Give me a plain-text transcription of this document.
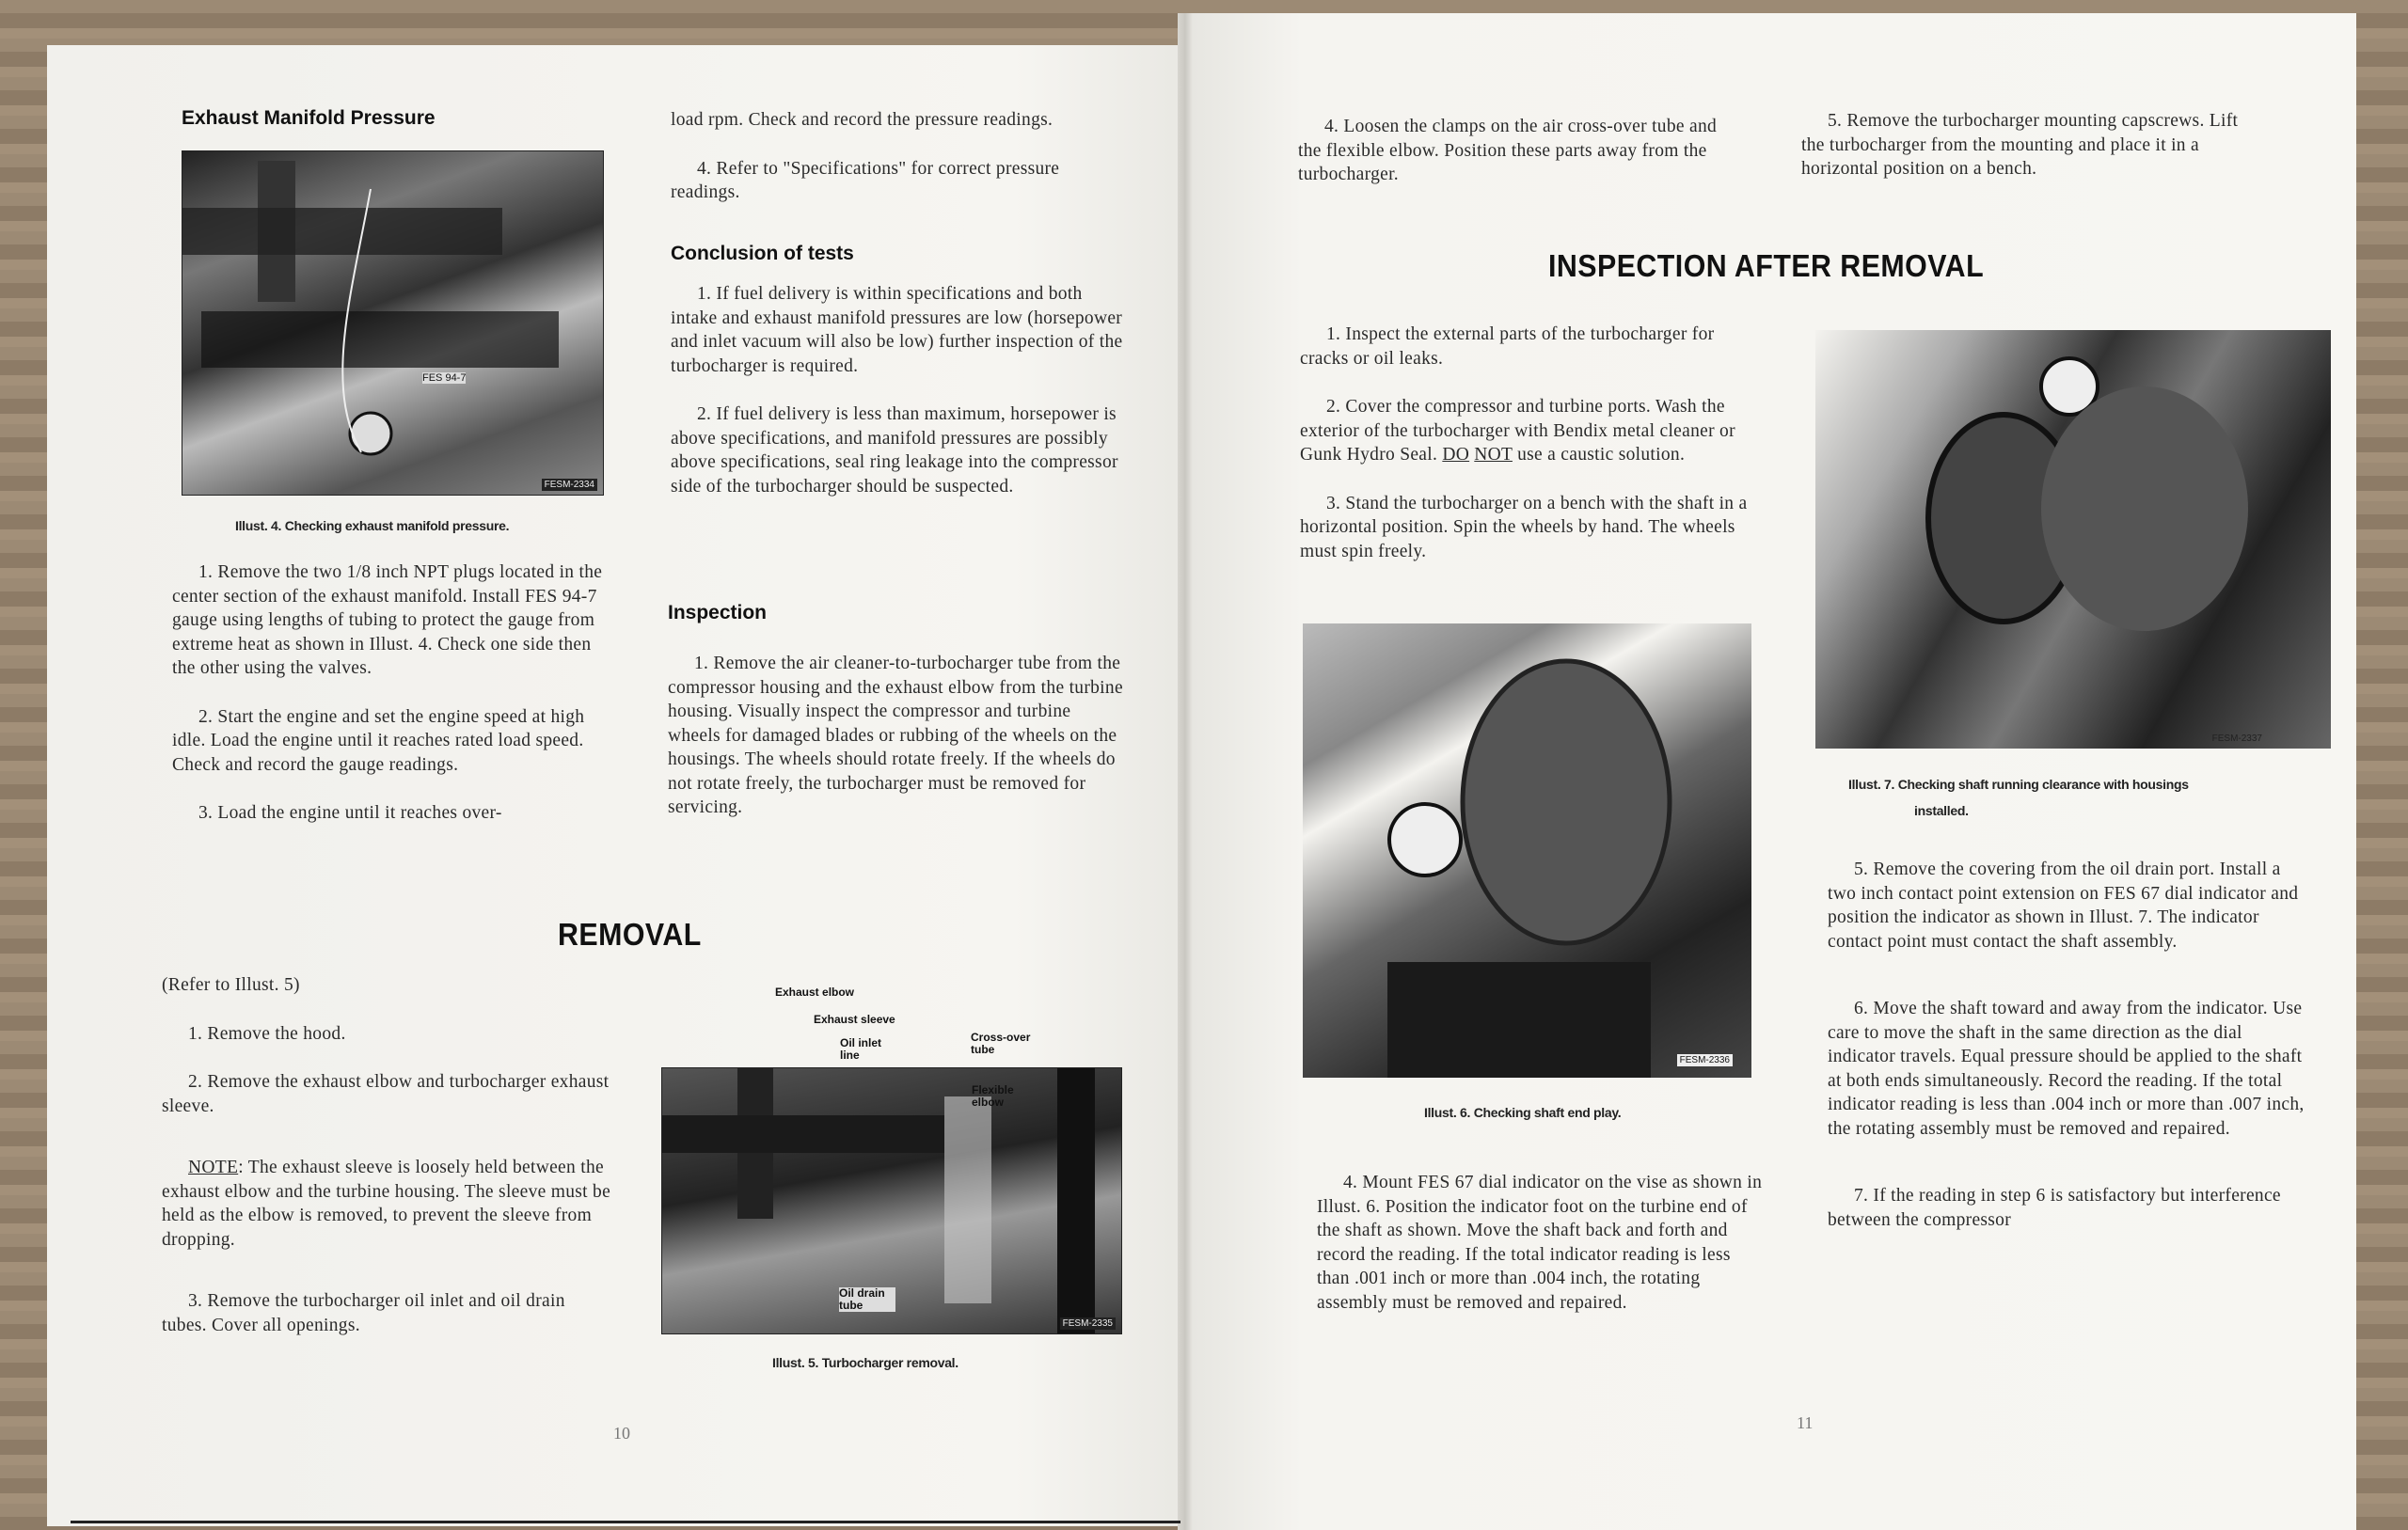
Exhaust Manifold Pressure
FES 94-7
FESM-2334
Illust. 4. Checking exhaust manifold pressure.

1. Remove the two 1/8 inch NPT plugs located in the center section of the exhaust manifold. Install FES 94-7 gauge using lengths of tubing to protect the gauge from extreme heat as shown in Illust. 4. Check one side then the other using the valves.

2. Start the engine and set the engine speed at high idle. Load the engine until it reaches rated load speed. Check and record the gauge readings.

3. Load the engine until it reaches over-

load rpm. Check and record the pressure readings.

4. Refer to "Specifications" for correct pressure readings.

Conclusion of tests

1. If fuel delivery is within specifications and both intake and exhaust manifold pressures are low (horsepower and inlet vacuum will also be low) further inspection of the turbocharger is required.

2. If fuel delivery is less than maximum, horsepower is above specifications, and manifold pressures are possibly above specifications, seal ring leakage into the compressor side of the turbocharger should be suspected.

Inspection

1. Remove the air cleaner-to-turbocharger tube from the compressor housing and the exhaust elbow from the turbine housing. Visually inspect the compressor and turbine wheels for damaged blades or rubbing of the wheels on the housings. The wheels should rotate freely. If the wheels do not rotate freely, the turbocharger must be removed for servicing.

REMOVAL

(Refer to Illust. 5)

1. Remove the hood.

2. Remove the exhaust elbow and turbocharger exhaust sleeve.

NOTE: The exhaust sleeve is loosely held between the exhaust elbow and the turbine housing. The sleeve must be held as the elbow is removed, to prevent the sleeve from dropping.

3. Remove the turbocharger oil inlet and oil drain tubes. Cover all openings.	FESM-2335
Exhaust elbow
Exhaust sleeve
Oil inlet line
Cross-over tube
Flexible elbow
Oil drain tube
Illust. 5. Turbocharger removal.
10

4. Loosen the clamps on the air cross-over tube and the flexible elbow. Position these parts away from the turbocharger.

5. Remove the turbocharger mounting capscrews. Lift the turbocharger from the mounting and place it in a horizontal position on a bench.

INSPECTION AFTER REMOVAL

1. Inspect the external parts of the turbocharger for cracks or oil leaks.

2. Cover the compressor and turbine ports. Wash the exterior of the turbocharger with Bendix metal cleaner or Gunk Hydro Seal. DO NOT use a caustic solution.

3. Stand the turbocharger on a bench with the shaft in a horizontal position. Spin the wheels by hand. The wheels must spin freely.

FESM-2337
Illust. 7. Checking shaft running clearance with housings
installed.
FESM-2336
Illust. 6. Checking shaft end play.

4. Mount FES 67 dial indicator on the vise as shown in Illust. 6. Position the indicator foot on the turbine end of the shaft as shown. Move the shaft back and forth and record the reading. If the total indicator reading is less than .001 inch or more than .004 inch, the rotating assembly must be removed and repaired.

5. Remove the covering from the oil drain port. Install a two inch contact point extension on FES 67 dial indicator and position the indicator as shown in Illust. 7. The indicator contact point must contact the shaft assembly.

6. Move the shaft toward and away from the indicator. Use care to move the shaft in the same direction as the dial indicator travels. Equal pressure should be applied to the shaft at both ends simultaneously. Record the reading. If the total indicator reading is less than .004 inch or more than .007 inch, the rotating assembly must be removed and repaired.

7. If the reading in step 6 is satisfactory but interference between the compressor

11
